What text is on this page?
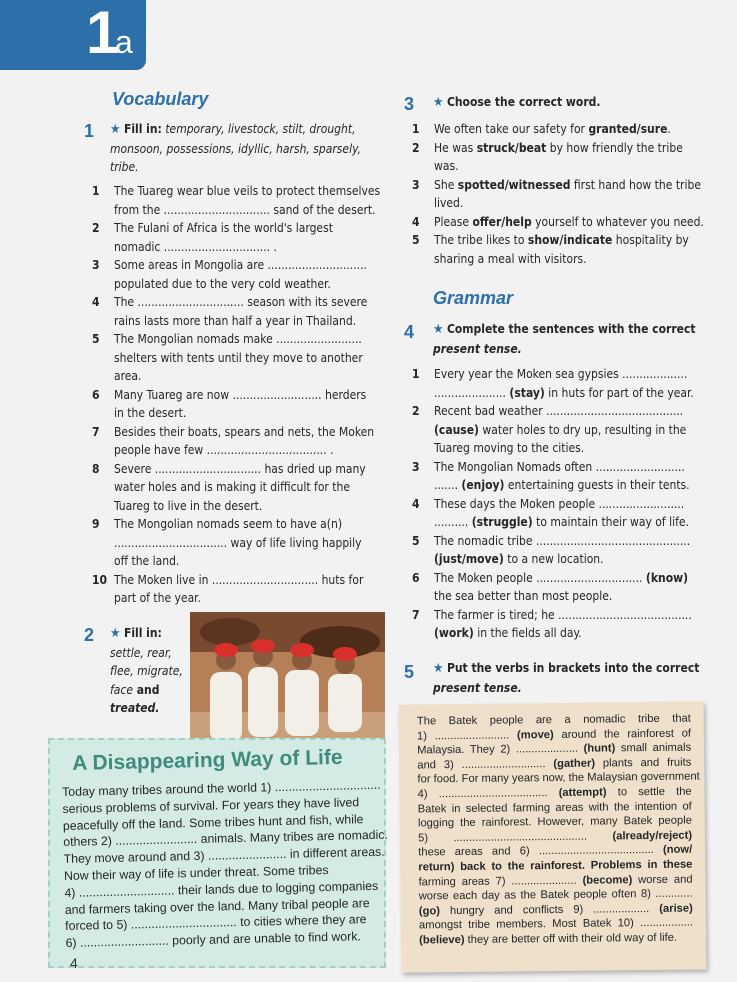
1
a
Vocabulary
1 ★ Fill in: temporary, livestock, stilt, drought,
monsoon, possessions, idyllic, harsh, sparsely,
tribe.
1 The Tuareg wear blue veils to protect themselves
from the ............................... sand of the desert.
2 The Fulani of Africa is the world's largest
nomadic ............................... .
3 Some areas in Mongolia are .............................
populated due to the very cold weather.
4 The ............................... season with its severe
rains lasts more than half a year in Thailand.
5 The Mongolian nomads make .........................
shelters with tents until they move to another
area.
6 Many Tuareg are now .......................... herders
in the desert.
7 Besides their boats, spears and nets, the Moken
people have few ................................... .
8 Severe ............................... has dried up many
water holes and is making it difficult for the
Tuareg to live in the desert.
9 The Mongolian nomads seem to have a(n)
................................. way of life living happily
off the land.
10 The Moken live in ............................... huts for
part of the year.
2 ★ Fill in:
settle, rear,
flee, migrate,
face and
treated.
A Disappearing Way of Life
Today many tribes around the world 1) ...............................
serious problems of survival. For years they have lived
peacefully off the land. Some tribes hunt and fish, while
others 2) ........................ animals. Many tribes are nomadic.
They move around and 3) ....................... in different areas.
Now their way of life is under threat. Some tribes
4) ............................ their lands due to logging companies
and farmers taking over the land. Many tribal people are
forced to 5) ............................... to cities where they are
6) .......................... poorly and are unable to find work.
3 ★ Choose the correct word.
1 We often take our safety for granted/sure.
2 He was struck/beat by how friendly the tribe
was.
3 She spotted/witnessed first hand how the tribe
lived.
4 Please offer/help yourself to whatever you need.
5 The tribe likes to show/indicate hospitality by
sharing a meal with visitors.
Grammar
4 ★ Complete the sentences with the correct
present tense.
1 Every year the Moken sea gypsies ...................
..................... (stay) in huts for part of the year.
2 Recent bad weather ........................................
(cause) water holes to dry up, resulting in the
Tuareg moving to the cities.
3 The Mongolian Nomads often ..........................
....... (enjoy) entertaining guests in their tents.
4 These days the Moken people .........................
.......... (struggle) to maintain their way of life.
5 The nomadic tribe .............................................
(just/move) to a new location.
6 The Moken people ............................... (know)
the sea better than most people.
7 The farmer is tired; he .......................................
(work) in the fields all day.
5 ★ Put the verbs in brackets into the correct
present tense.
The Batek people are a nomadic tribe that
1) ........................ (move) around the rainforest of
Malaysia. They 2) .................... (hunt) small animals
and 3) ........................... (gather) plants and fruits
for food. For many years now, the Malaysian government
4) ................................... (attempt) to settle the
Batek in selected farming areas with the intention of
logging the rainforest. However, many Batek people
5) ........................................... (already/reject)
these areas and 6) ..................................... (now/
return) back to the rainforest. Problems in these
farming areas 7) ..................... (become) worse and
worse each day as the Batek people often 8) ............
(go) hungry and conflicts 9) .................. (arise)
amongst tribe members. Most Batek 10) .................
(believe) they are better off with their old way of life.
4
